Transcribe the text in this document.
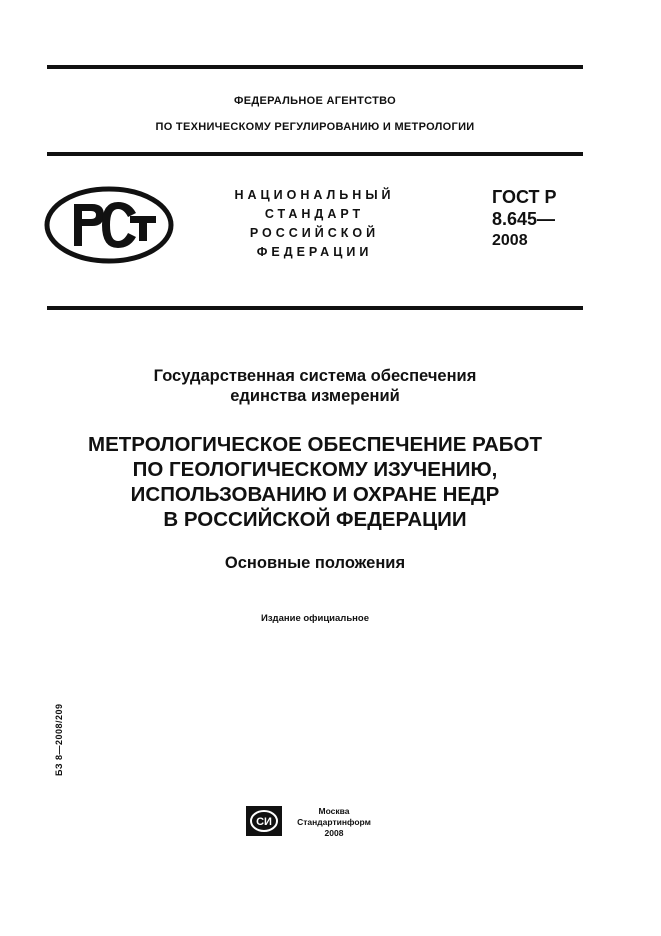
ФЕДЕРАЛЬНОЕ АГЕНТСТВО
ПО ТЕХНИЧЕСКОМУ РЕГУЛИРОВАНИЮ И МЕТРОЛОГИИ
НАЦИОНАЛЬНЫЙ
СТАНДАРТ
РОССИЙСКОЙ
ФЕДЕРАЦИИ
ГОСТ Р
8.645—
2008
Государственная система обеспечения
единства измерений
МЕТРОЛОГИЧЕСКОЕ ОБЕСПЕЧЕНИЕ РАБОТ
ПО ГЕОЛОГИЧЕСКОМУ ИЗУЧЕНИЮ,
ИСПОЛЬЗОВАНИЮ И ОХРАНЕ НЕДР
В РОССИЙСКОЙ ФЕДЕРАЦИИ
Основные положения
Издание официальное
БЗ 8—2008/209
СИ
Москва
Стандартинформ
2008
